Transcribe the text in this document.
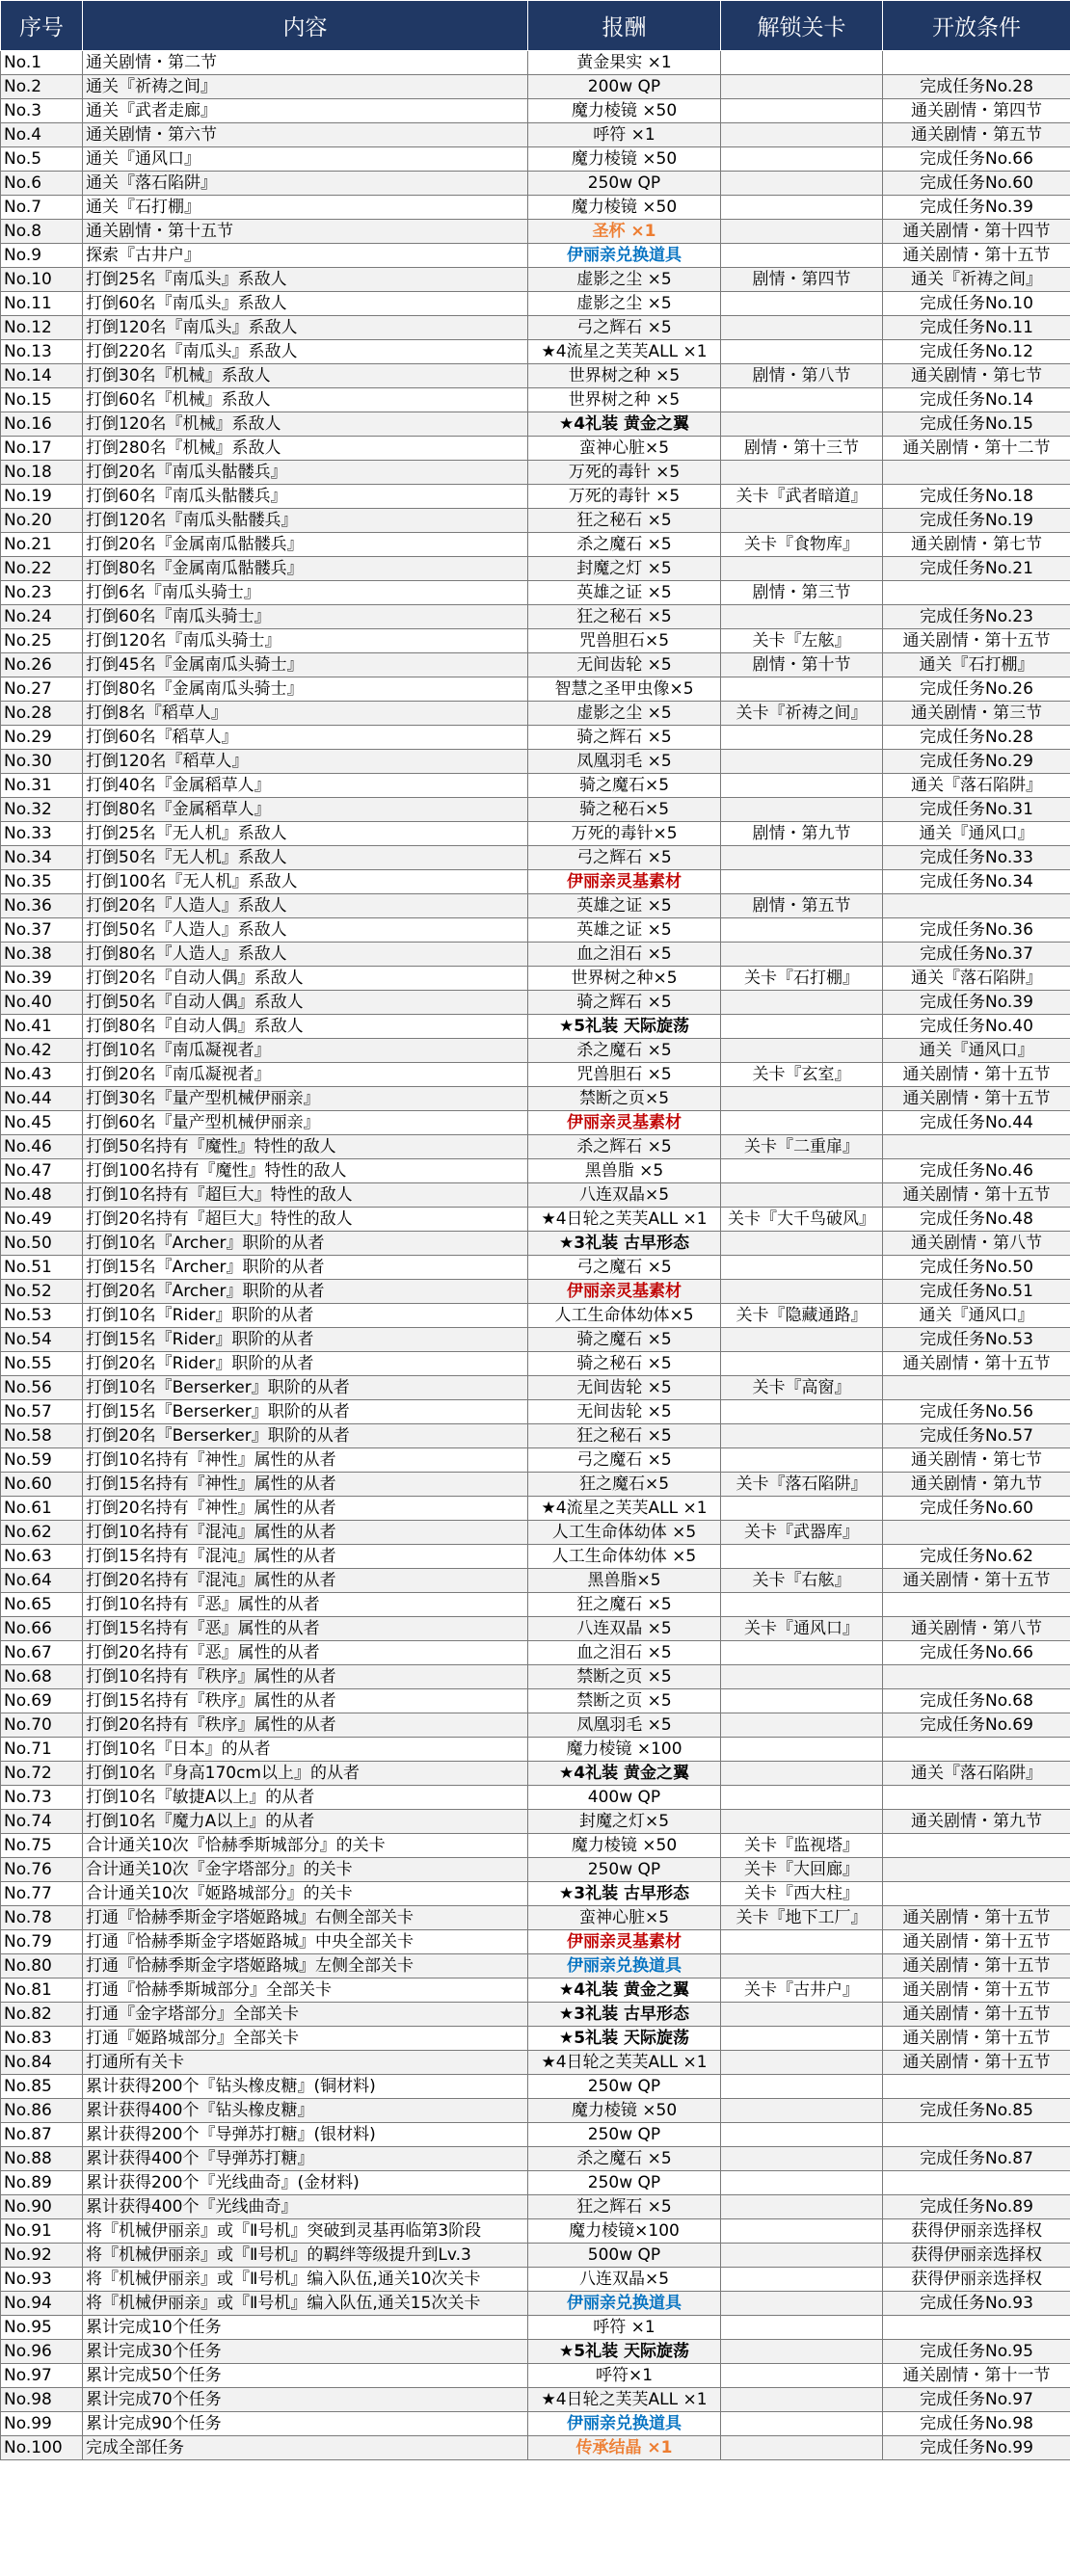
序号	内容	报酬	解锁关卡	开放条件
No.1	通关剧情・第二节	黄金果实 ×1		
No.2	通关『祈祷之间』	200w QP		完成任务No.28
No.3	通关『武者走廊』	魔力棱镜 ×50		通关剧情・第四节
No.4	通关剧情・第六节	呼符 ×1		通关剧情・第五节
No.5	通关『通风口』	魔力棱镜 ×50		完成任务No.66
No.6	通关『落石陷阱』	250w QP		完成任务No.60
No.7	通关『石打棚』	魔力棱镜 ×50		完成任务No.39
No.8	通关剧情・第十五节	圣杯 ×1		通关剧情・第十四节
No.9	探索『古井户』	伊丽亲兑换道具		通关剧情・第十五节
No.10	打倒25名『南瓜头』系敌人	虚影之尘 ×5	剧情・第四节	通关『祈祷之间』
No.11	打倒60名『南瓜头』系敌人	虚影之尘 ×5		完成任务No.10
No.12	打倒120名『南瓜头』系敌人	弓之辉石 ×5		完成任务No.11
No.13	打倒220名『南瓜头』系敌人	★4流星之芙芙ALL ×1		完成任务No.12
No.14	打倒30名『机械』系敌人	世界树之种 ×5	剧情・第八节	通关剧情・第七节
No.15	打倒60名『机械』系敌人	世界树之种 ×5		完成任务No.14
No.16	打倒120名『机械』系敌人	★4礼装 黄金之翼		完成任务No.15
No.17	打倒280名『机械』系敌人	蛮神心脏×5	剧情・第十三节	通关剧情・第十二节
No.18	打倒20名『南瓜头骷髅兵』	万死的毒针 ×5		
No.19	打倒60名『南瓜头骷髅兵』	万死的毒针 ×5	关卡『武者暗道』	完成任务No.18
No.20	打倒120名『南瓜头骷髅兵』	狂之秘石 ×5		完成任务No.19
No.21	打倒20名『金属南瓜骷髅兵』	杀之魔石 ×5	关卡『食物库』	通关剧情・第七节
No.22	打倒80名『金属南瓜骷髅兵』	封魔之灯 ×5		完成任务No.21
No.23	打倒6名『南瓜头骑士』	英雄之证 ×5	剧情・第三节	
No.24	打倒60名『南瓜头骑士』	狂之秘石 ×5		完成任务No.23
No.25	打倒120名『南瓜头骑士』	咒兽胆石×5	关卡『左舷』	通关剧情・第十五节
No.26	打倒45名『金属南瓜头骑士』	无间齿轮 ×5	剧情・第十节	通关『石打棚』
No.27	打倒80名『金属南瓜头骑士』	智慧之圣甲虫像×5		完成任务No.26
No.28	打倒8名『稻草人』	虚影之尘 ×5	关卡『祈祷之间』	通关剧情・第三节
No.29	打倒60名『稻草人』	骑之辉石 ×5		完成任务No.28
No.30	打倒120名『稻草人』	凤凰羽毛 ×5		完成任务No.29
No.31	打倒40名『金属稻草人』	骑之魔石×5		通关『落石陷阱』
No.32	打倒80名『金属稻草人』	骑之秘石×5		完成任务No.31
No.33	打倒25名『无人机』系敌人	万死的毒针×5	剧情・第九节	通关『通风口』
No.34	打倒50名『无人机』系敌人	弓之辉石 ×5		完成任务No.33
No.35	打倒100名『无人机』系敌人	伊丽亲灵基素材		完成任务No.34
No.36	打倒20名『人造人』系敌人	英雄之证 ×5	剧情・第五节	
No.37	打倒50名『人造人』系敌人	英雄之证 ×5		完成任务No.36
No.38	打倒80名『人造人』系敌人	血之泪石 ×5		完成任务No.37
No.39	打倒20名『自动人偶』系敌人	世界树之种×5	关卡『石打棚』	通关『落石陷阱』
No.40	打倒50名『自动人偶』系敌人	骑之辉石 ×5		完成任务No.39
No.41	打倒80名『自动人偶』系敌人	★5礼装 天际旋荡		完成任务No.40
No.42	打倒10名『南瓜凝视者』	杀之魔石 ×5		通关『通风口』
No.43	打倒20名『南瓜凝视者』	咒兽胆石 ×5	关卡『玄室』	通关剧情・第十五节
No.44	打倒30名『量产型机械伊丽亲』	禁断之页×5		通关剧情・第十五节
No.45	打倒60名『量产型机械伊丽亲』	伊丽亲灵基素材		完成任务No.44
No.46	打倒50名持有『魔性』特性的敌人	杀之辉石 ×5	关卡『二重扉』	
No.47	打倒100名持有『魔性』特性的敌人	黑兽脂 ×5		完成任务No.46
No.48	打倒10名持有『超巨大』特性的敌人	八连双晶×5		通关剧情・第十五节
No.49	打倒20名持有『超巨大』特性的敌人	★4日轮之芙芙ALL ×1	关卡『大千鸟破风』	完成任务No.48
No.50	打倒10名『Archer』职阶的从者	★3礼装 古早形态		通关剧情・第八节
No.51	打倒15名『Archer』职阶的从者	弓之魔石 ×5		完成任务No.50
No.52	打倒20名『Archer』职阶的从者	伊丽亲灵基素材		完成任务No.51
No.53	打倒10名『Rider』职阶的从者	人工生命体幼体×5	关卡『隐藏通路』	通关『通风口』
No.54	打倒15名『Rider』职阶的从者	骑之魔石 ×5		完成任务No.53
No.55	打倒20名『Rider』职阶的从者	骑之秘石 ×5		通关剧情・第十五节
No.56	打倒10名『Berserker』职阶的从者	无间齿轮 ×5	关卡『高窗』	
No.57	打倒15名『Berserker』职阶的从者	无间齿轮 ×5		完成任务No.56
No.58	打倒20名『Berserker』职阶的从者	狂之秘石 ×5		完成任务No.57
No.59	打倒10名持有『神性』属性的从者	弓之魔石 ×5		通关剧情・第七节
No.60	打倒15名持有『神性』属性的从者	狂之魔石×5	关卡『落石陷阱』	通关剧情・第九节
No.61	打倒20名持有『神性』属性的从者	★4流星之芙芙ALL ×1		完成任务No.60
No.62	打倒10名持有『混沌』属性的从者	人工生命体幼体 ×5	关卡『武器库』	
No.63	打倒15名持有『混沌』属性的从者	人工生命体幼体 ×5		完成任务No.62
No.64	打倒20名持有『混沌』属性的从者	黑兽脂×5	关卡『右舷』	通关剧情・第十五节
No.65	打倒10名持有『恶』属性的从者	狂之魔石 ×5		
No.66	打倒15名持有『恶』属性的从者	八连双晶 ×5	关卡『通风口』	通关剧情・第八节
No.67	打倒20名持有『恶』属性的从者	血之泪石 ×5		完成任务No.66
No.68	打倒10名持有『秩序』属性的从者	禁断之页 ×5		
No.69	打倒15名持有『秩序』属性的从者	禁断之页 ×5		完成任务No.68
No.70	打倒20名持有『秩序』属性的从者	凤凰羽毛 ×5		完成任务No.69
No.71	打倒10名『日本』的从者	魔力棱镜 ×100		
No.72	打倒10名『身高170cm以上』的从者	★4礼装 黄金之翼		通关『落石陷阱』
No.73	打倒10名『敏捷A以上』的从者	400w QP		
No.74	打倒10名『魔力A以上』的从者	封魔之灯×5		通关剧情・第九节
No.75	合计通关10次『恰赫季斯城部分』的关卡	魔力棱镜 ×50	关卡『监视塔』	
No.76	合计通关10次『金字塔部分』的关卡	250w QP	关卡『大回廊』	
No.77	合计通关10次『姬路城部分』的关卡	★3礼装 古早形态	关卡『西大柱』	
No.78	打通『恰赫季斯金字塔姬路城』右侧全部关卡	蛮神心脏×5	关卡『地下工厂』	通关剧情・第十五节
No.79	打通『恰赫季斯金字塔姬路城』中央全部关卡	伊丽亲灵基素材		通关剧情・第十五节
No.80	打通『恰赫季斯金字塔姬路城』左侧全部关卡	伊丽亲兑换道具		通关剧情・第十五节
No.81	打通『恰赫季斯城部分』全部关卡	★4礼装 黄金之翼	关卡『古井户』	通关剧情・第十五节
No.82	打通『金字塔部分』全部关卡	★3礼装 古早形态		通关剧情・第十五节
No.83	打通『姬路城部分』全部关卡	★5礼装 天际旋荡		通关剧情・第十五节
No.84	打通所有关卡	★4日轮之芙芙ALL ×1		通关剧情・第十五节
No.85	累计获得200个『钻头橡皮糖』(铜材料)	250w QP		
No.86	累计获得400个『钻头橡皮糖』	魔力棱镜 ×50		完成任务No.85
No.87	累计获得200个『导弹苏打糖』(银材料)	250w QP		
No.88	累计获得400个『导弹苏打糖』	杀之魔石 ×5		完成任务No.87
No.89	累计获得200个『光线曲奇』(金材料)	250w QP		
No.90	累计获得400个『光线曲奇』	狂之辉石 ×5		完成任务No.89
No.91	将『机械伊丽亲』或『Ⅱ号机』突破到灵基再临第3阶段	魔力棱镜×100		获得伊丽亲选择权
No.92	将『机械伊丽亲』或『Ⅱ号机』的羁绊等级提升到Lv.3	500w QP		获得伊丽亲选择权
No.93	将『机械伊丽亲』或『Ⅱ号机』编入队伍,通关10次关卡	八连双晶×5		获得伊丽亲选择权
No.94	将『机械伊丽亲』或『Ⅱ号机』编入队伍,通关15次关卡	伊丽亲兑换道具		完成任务No.93
No.95	累计完成10个任务	呼符 ×1		
No.96	累计完成30个任务	★5礼装 天际旋荡		完成任务No.95
No.97	累计完成50个任务	呼符×1		通关剧情・第十一节
No.98	累计完成70个任务	★4日轮之芙芙ALL ×1		完成任务No.97
No.99	累计完成90个任务	伊丽亲兑换道具		完成任务No.98
No.100	完成全部任务	传承结晶 ×1		完成任务No.99
